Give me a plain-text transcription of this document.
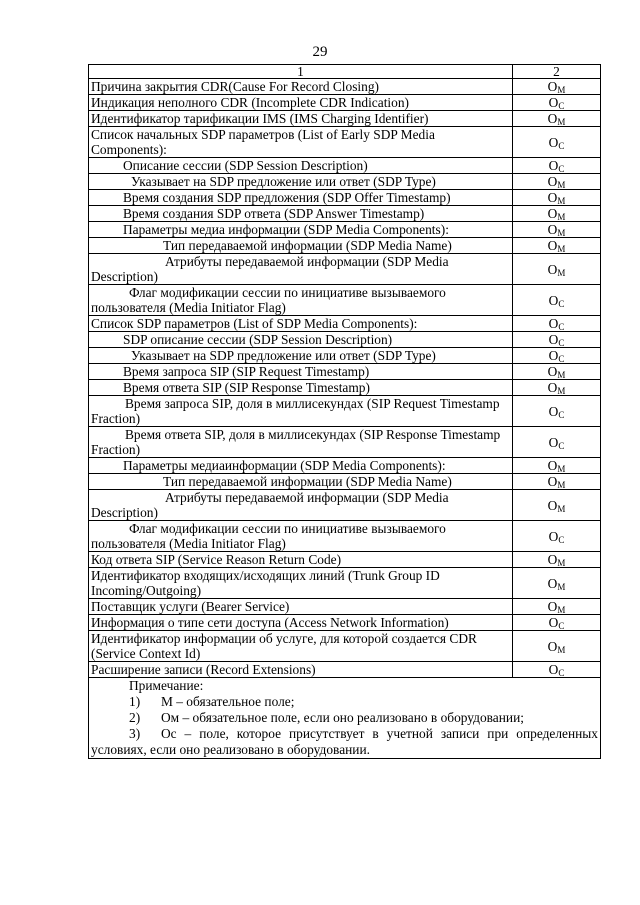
29
1	2
Причина закрытия CDR(Cause For Record Closing)	$O_M$
Индикация неполного CDR (Incomplete CDR Indication)	$O_C$
Идентификатор тарификации IMS (IMS Charging Identifier)	$O_M$
Список начальных SDP параметров (List of Early SDP Media Components):	$O_C$
Описание сессии (SDP Session Description)	$O_C$
Указывает на SDP предложение или ответ (SDP Type)	$O_M$
Время создания SDP предложения (SDP Offer Timestamp)	$O_M$
Время создания SDP ответа (SDP Answer Timestamp)	$O_M$
Параметры медиа информации (SDP Media Components):	$O_M$
Тип передаваемой информации (SDP Media Name)	$O_M$
Атрибуты передаваемой информации (SDP Media Description)	$O_M$
Флаг модификации сессии по инициативе вызываемого пользователя (Media Initiator Flag)	$O_C$
Список SDP параметров (List of SDP Media Components):	$O_C$
SDP описание сессии (SDP Session Description)	$O_C$
Указывает на SDP предложение или ответ (SDP Type)	$O_C$
Время запроса SIP (SIP Request Timestamp)	$O_M$
Время ответа SIP (SIP Response Timestamp)	$O_M$
Время запроса SIP, доля в миллисекундах (SIP Request Timestamp Fraction)	$O_C$
Время ответа SIP, доля в миллисекундах (SIP Response Timestamp Fraction)	$O_C$
Параметры медиаинформации (SDP Media Components):	$O_M$
Тип передаваемой информации (SDP Media Name)	$O_M$
Атрибуты передаваемой информации (SDP Media Description)	$O_M$
Флаг модификации сессии по инициативе вызываемого пользователя (Media Initiator Flag)	$O_C$
Код ответа SIP (Service Reason Return Code)	$O_M$
Идентификатор входящих/исходящих линий (Trunk Group ID Incoming/Outgoing)	$O_M$
Поставщик услуги (Bearer Service)	$O_M$
Информация о типе сети доступа (Access Network Information)	$O_C$
Идентификатор информации об услуге, для которой создается CDR (Service Context Id)	$O_M$
Расширение записи (Record Extensions)	$O_C$

Примечание:
1) M – обязательное поле;
2) Ом – обязательное поле, если оно реализовано в оборудовании;
3) Ос – поле, которое присутствует в учетной записи при определенных условиях, если оно реализовано в оборудовании.	
